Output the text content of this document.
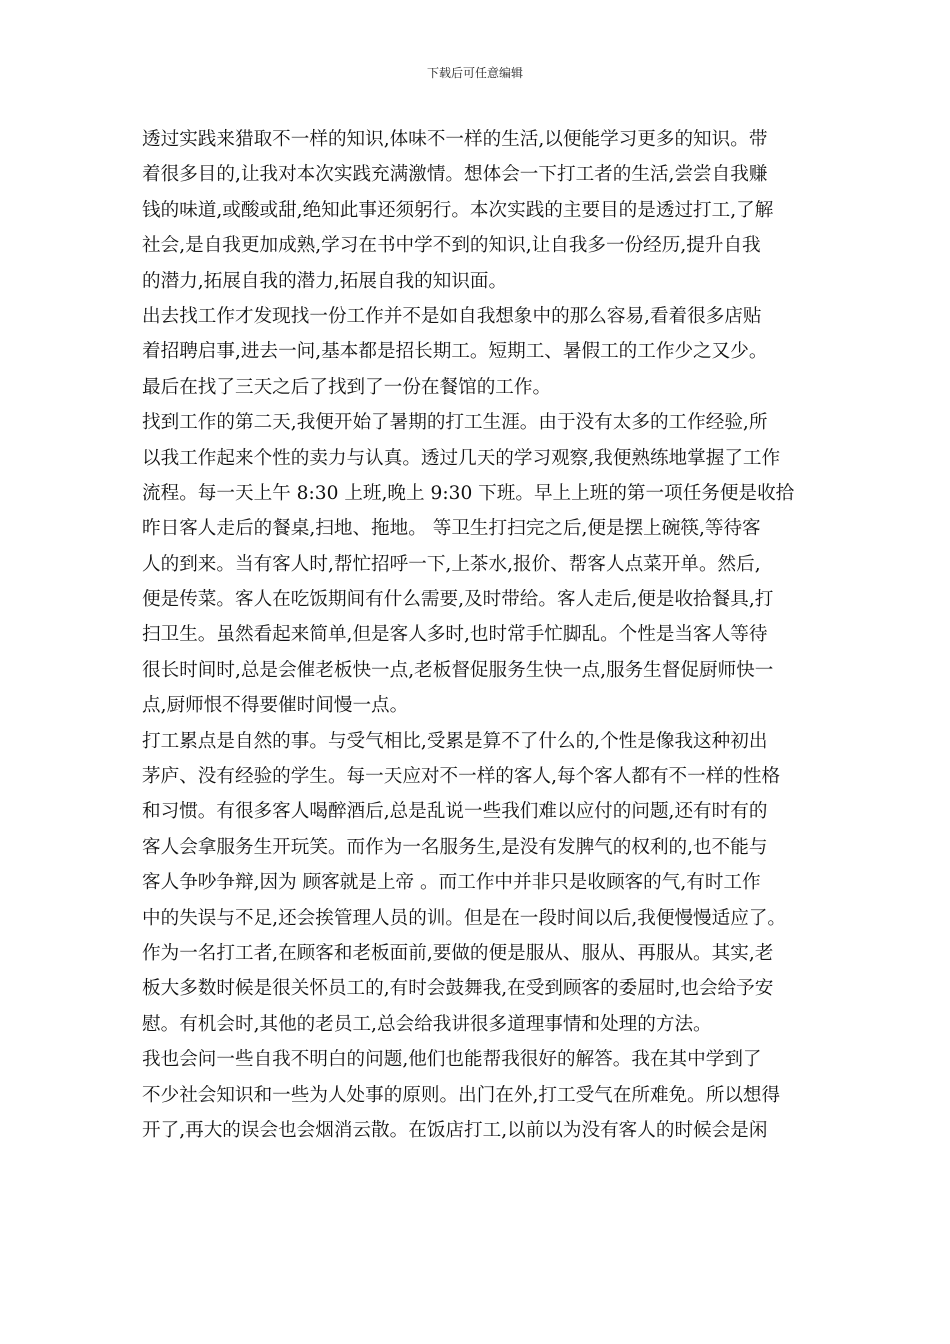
下载后可任意编辑
透过实践来猎取不一样的知识,体味不一样的生活,以便能学习更多的知识。带
着很多目的,让我对本次实践充满激情。想体会一下打工者的生活,尝尝自我赚
钱的味道,或酸或甜,绝知此事还须躬行。本次实践的主要目的是透过打工,了解
社会,是自我更加成熟,学习在书中学不到的知识,让自我多一份经历,提升自我
的潜力,拓展自我的潜力,拓展自我的知识面。
出去找工作才发现找一份工作并不是如自我想象中的那么容易,看着很多店贴
着招聘启事,进去一问,基本都是招长期工。短期工、暑假工的工作少之又少。
最后在找了三天之后了找到了一份在餐馆的工作。
找到工作的第二天,我便开始了暑期的打工生涯。由于没有太多的工作经验,所
以我工作起来个性的卖力与认真。透过几天的学习观察,我便熟练地掌握了工作
流程。每一天上午 8:30 上班,晚上 9:30 下班。早上上班的第一项任务便是收拾
昨日客人走后的餐桌,扫地、拖地。 等卫生打扫完之后,便是摆上碗筷,等待客
人的到来。当有客人时,帮忙招呼一下,上茶水,报价、帮客人点菜开单。然后,
便是传菜。客人在吃饭期间有什么需要,及时带给。客人走后,便是收拾餐具,打
扫卫生。虽然看起来简单,但是客人多时,也时常手忙脚乱。个性是当客人等待
很长时间时,总是会催老板快一点,老板督促服务生快一点,服务生督促厨师快一
点,厨师恨不得要催时间慢一点。
打工累点是自然的事。与受气相比,受累是算不了什么的,个性是像我这种初出
茅庐、没有经验的学生。每一天应对不一样的客人,每个客人都有不一样的性格
和习惯。有很多客人喝醉酒后,总是乱说一些我们难以应付的问题,还有时有的
客人会拿服务生开玩笑。而作为一名服务生,是没有发脾气的权利的,也不能与
客人争吵争辩,因为 顾客就是上帝 。而工作中并非只是收顾客的气,有时工作
中的失误与不足,还会挨管理人员的训。但是在一段时间以后,我便慢慢适应了。
作为一名打工者,在顾客和老板面前,要做的便是服从、服从、再服从。其实,老
板大多数时候是很关怀员工的,有时会鼓舞我,在受到顾客的委屈时,也会给予安
慰。有机会时,其他的老员工,总会给我讲很多道理事情和处理的方法。
我也会问一些自我不明白的问题,他们也能帮我很好的解答。我在其中学到了
不少社会知识和一些为人处事的原则。出门在外,打工受气在所难免。所以想得
开了,再大的误会也会烟消云散。在饭店打工,以前以为没有客人的时候会是闲
